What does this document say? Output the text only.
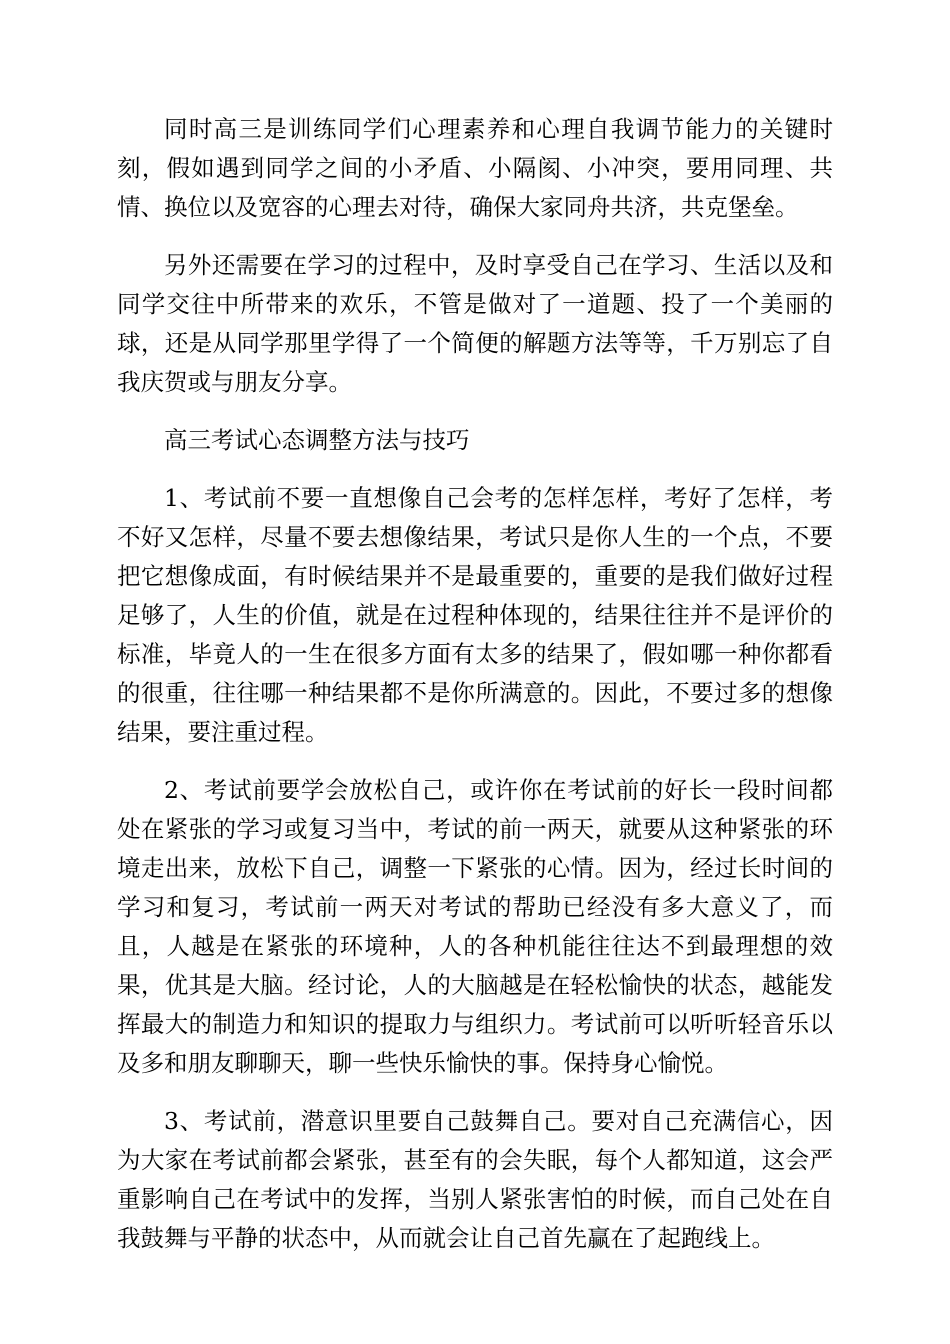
同时高三是训练同学们心理素养和心理自我调节能力的关键时刻，假如遇到同学之间的小矛盾、小隔阂、小冲突，要用同理、共情、换位以及宽容的心理去对待，确保大家同舟共济，共克堡垒。

另外还需要在学习的过程中，及时享受自己在学习、生活以及和同学交往中所带来的欢乐，不管是做对了一道题、投了一个美丽的球，还是从同学那里学得了一个简便的解题方法等等，千万别忘了自我庆贺或与朋友分享。

高三考试心态调整方法与技巧

1、考试前不要一直想像自己会考的怎样怎样，考好了怎样，考不好又怎样，尽量不要去想像结果，考试只是你人生的一个点，不要把它想像成面，有时候结果并不是最重要的，重要的是我们做好过程足够了，人生的价值，就是在过程种体现的，结果往往并不是评价的标准，毕竟人的一生在很多方面有太多的结果了，假如哪一种你都看的很重，往往哪一种结果都不是你所满意的。因此，不要过多的想像结果，要注重过程。

2、考试前要学会放松自己，或许你在考试前的好长一段时间都处在紧张的学习或复习当中，考试的前一两天，就要从这种紧张的环境走出来，放松下自己，调整一下紧张的心情。因为，经过长时间的学习和复习，考试前一两天对考试的帮助已经没有多大意义了，而且，人越是在紧张的环境种，人的各种机能往往达不到最理想的效果，优其是大脑。经讨论，人的大脑越是在轻松愉快的状态，越能发挥最大的制造力和知识的提取力与组织力。考试前可以听听轻音乐以及多和朋友聊聊天，聊一些快乐愉快的事。保持身心愉悦。

3、考试前，潜意识里要自己鼓舞自己。要对自己充满信心，因为大家在考试前都会紧张，甚至有的会失眠，每个人都知道，这会严重影响自己在考试中的发挥，当别人紧张害怕的时候，而自己处在自我鼓舞与平静的状态中，从而就会让自己首先赢在了起跑线上。
